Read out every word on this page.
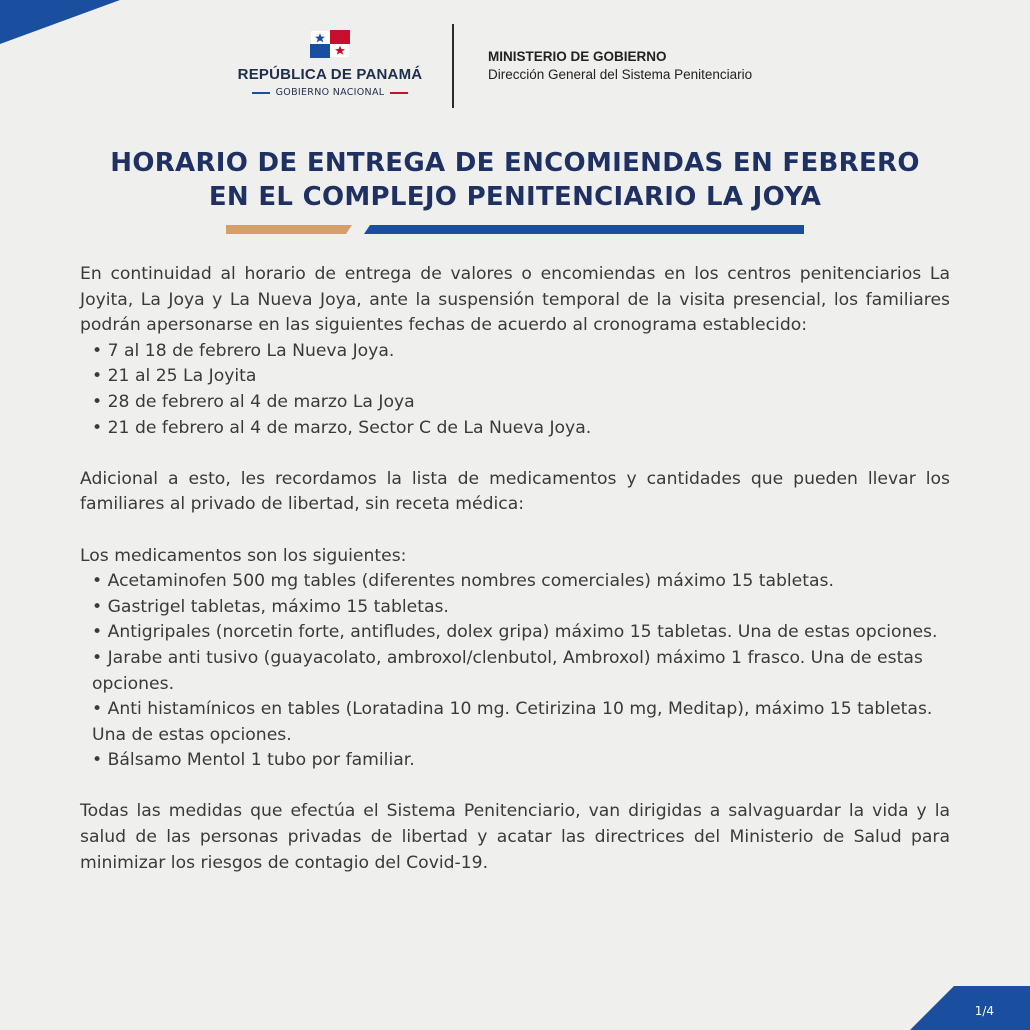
REPÚBLICA DE PANAMÁ
GOBIERNO NACIONAL
MINISTERIO DE GOBIERNO
Dirección General del Sistema Penitenciario
HORARIO DE ENTREGA DE ENCOMIENDAS EN FEBRERO
EN EL COMPLEJO PENITENCIARIO LA JOYA

En continuidad al horario de entrega de valores o encomiendas en los centros penitenciarios La Joyita, La Joya y La Nueva Joya, ante la suspensión temporal de la visita presencial, los familiares podrán apersonarse en las siguientes fechas de acuerdo al cronograma establecido:

• 7 al 18 de febrero La Nueva Joya.
• 21 al 25 La Joyita
• 28 de febrero al 4 de marzo La Joya
• 21 de febrero al 4 de marzo, Sector C de La Nueva Joya.

Adicional a esto, les recordamos la lista de medicamentos y cantidades que pueden llevar los familiares al privado de libertad, sin receta médica:

Los medicamentos son los siguientes:

• Acetaminofen 500 mg tables (diferentes nombres comerciales) máximo 15 tabletas.
• Gastrigel tabletas, máximo 15 tabletas.
• Antigripales (norcetin forte, antifludes, dolex gripa) máximo 15 tabletas. Una de estas opciones.
• Jarabe anti tusivo (guayacolato, ambroxol/clenbutol, Ambroxol) máximo 1 frasco. Una de estas opciones.
• Anti histamínicos en tables (Loratadina 10 mg. Cetirizina 10 mg, Meditap), máximo 15 tabletas. Una de estas opciones.
• Bálsamo Mentol 1 tubo por familiar.

Todas las medidas que efectúa el Sistema Penitenciario, van dirigidas a salvaguardar la vida y la salud de las personas privadas de libertad y acatar las directrices del Ministerio de Salud para minimizar los riesgos de contagio del Covid-19.

1/4
